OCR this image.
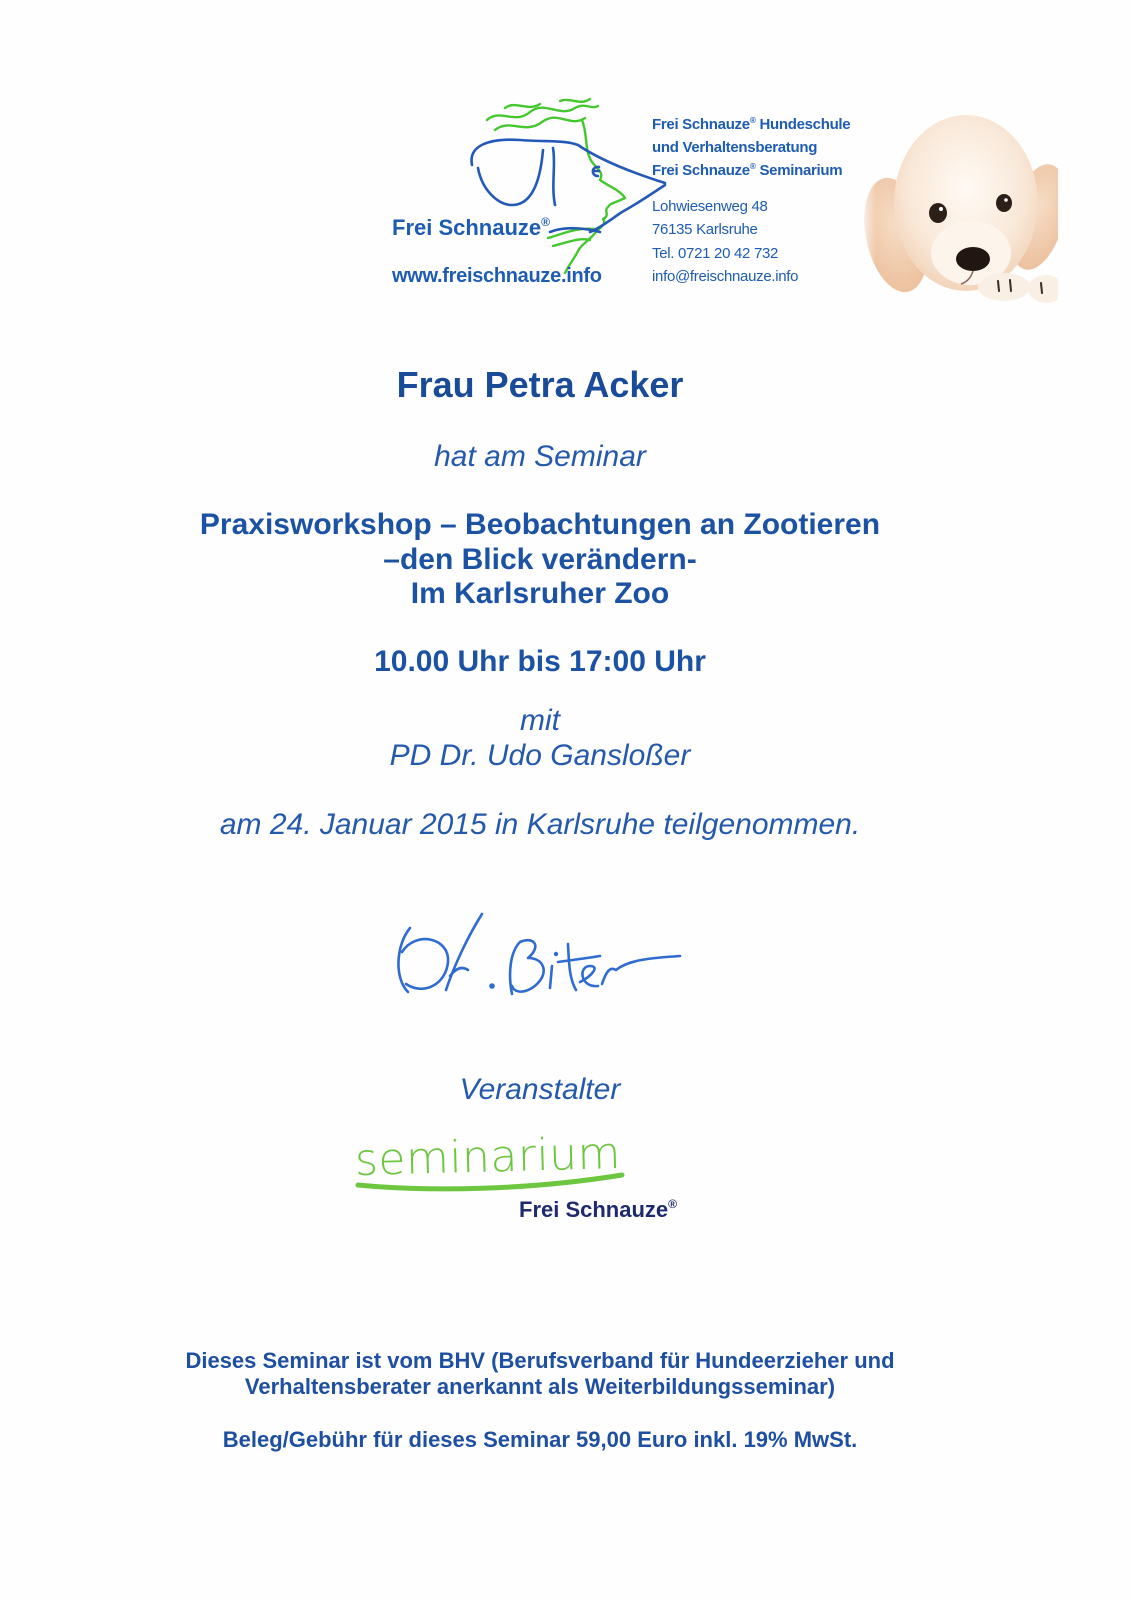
Frei Schnauze®
www.freischnauze.info
Frei Schnauze® Hundeschule
und Verhaltensberatung
Frei Schnauze® Seminarium
Lohwiesenweg 48
76135 Karlsruhe
Tel. 0721 20 42 732
info@freischnauze.info
Frau Petra Acker
hat am Seminar
Praxisworkshop – Beobachtungen an Zootieren
–den Blick verändern-
Im Karlsruher Zoo
10.00 Uhr bis 17:00 Uhr
mit
PD Dr. Udo Gansloßer
am 24. Januar 2015 in Karlsruhe teilgenommen.
Veranstalter
seminarium
Frei Schnauze®
Dieses Seminar ist vom BHV (Berufsverband für Hundeerzieher und
Verhaltensberater anerkannt als Weiterbildungsseminar)
Beleg/Gebühr für dieses Seminar 59,00 Euro inkl. 19% MwSt.
